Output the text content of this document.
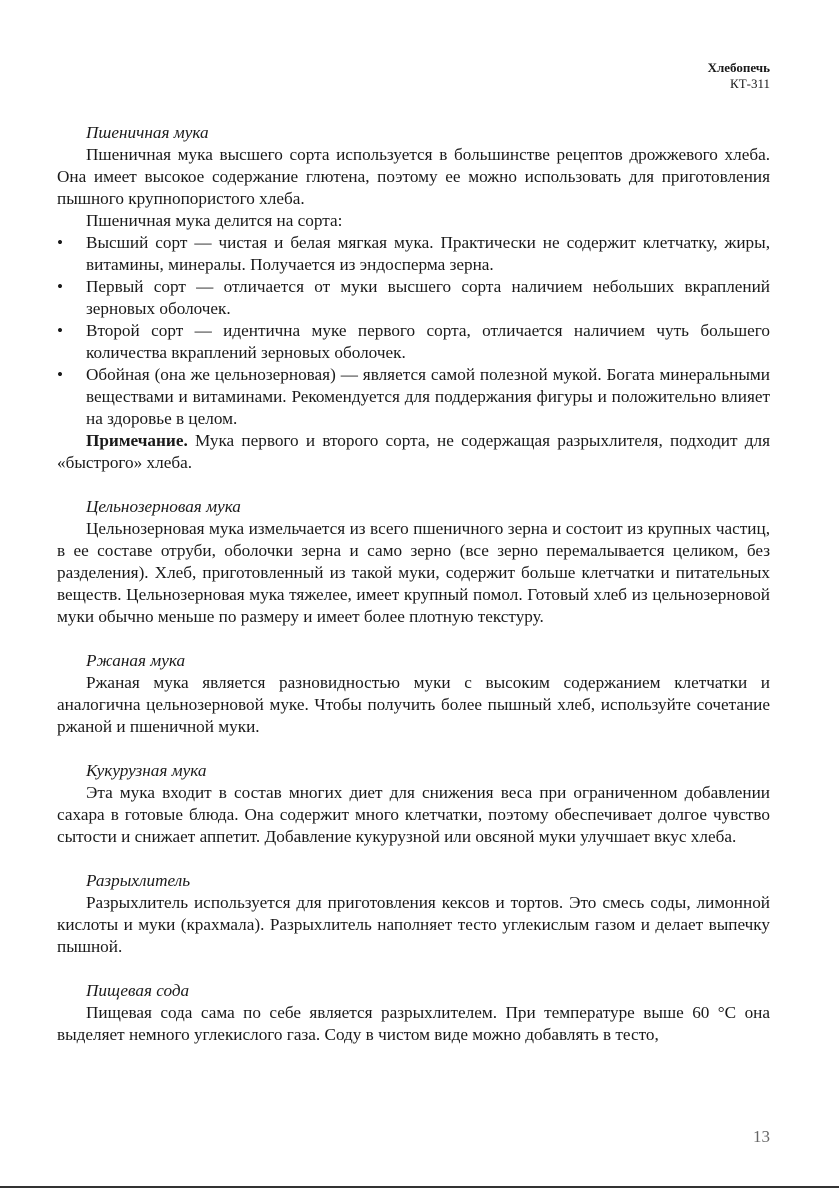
Хлебопечь
КТ-311
Пшеничная мука

Пшеничная мука высшего сорта используется в большинстве рецептов дрожжевого хлеба. Она имеет высокое содержание глютена, поэтому ее можно использовать для приготовления пышного крупнопористого хлеба.

Пшеничная мука делится на сорта:

• Высший сорт — чистая и белая мягкая мука. Практически не содержит клетчатку, жиры, витамины, минералы. Получается из эндосперма зерна.
• Первый сорт — отличается от муки высшего сорта наличием небольших вкраплений зерновых оболочек.
• Второй сорт — идентична муке первого сорта, отличается наличием чуть большего количества вкраплений зерновых оболочек.
• Обойная (она же цельнозерновая) — является самой полезной мукой. Богата минеральными веществами и витаминами. Рекомендуется для поддержания фигуры и положительно влияет на здоровье в целом.

Примечание. Мука первого и второго сорта, не содержащая разрыхлителя, подходит для «быстрого» хлеба.

Цельнозерновая мука

Цельнозерновая мука измельчается из всего пшеничного зерна и состоит из крупных частиц, в ее составе отруби, оболочки зерна и само зерно (все зерно перемалывается целиком, без разделения). Хлеб, приготовленный из такой муки, содержит больше клетчатки и питательных веществ. Цельнозерновая мука тяжелее, имеет крупный помол. Готовый хлеб из цельнозерновой муки обычно меньше по размеру и имеет более плотную текстуру.

Ржаная мука

Ржаная мука является разновидностью муки с высоким содержанием клетчатки и аналогична цельнозерновой муке. Чтобы получить более пышный хлеб, используйте сочетание ржаной и пшеничной муки.

Кукурузная мука

Эта мука входит в состав многих диет для снижения веса при ограниченном добавлении сахара в готовые блюда. Она содержит много клетчатки, поэтому обеспечивает долгое чувство сытости и снижает аппетит. Добавление кукурузной или овсяной муки улучшает вкус хлеба.

Разрыхлитель

Разрыхлитель используется для приготовления кексов и тортов. Это смесь соды, лимонной кислоты и муки (крахмала). Разрыхлитель наполняет тесто углекислым газом и делает выпечку пышной.

Пищевая сода

Пищевая сода сама по себе является разрыхлителем. При температуре выше 60 °С она выделяет немного углекислого газа. Соду в чистом виде можно добавлять в тесто,

13
